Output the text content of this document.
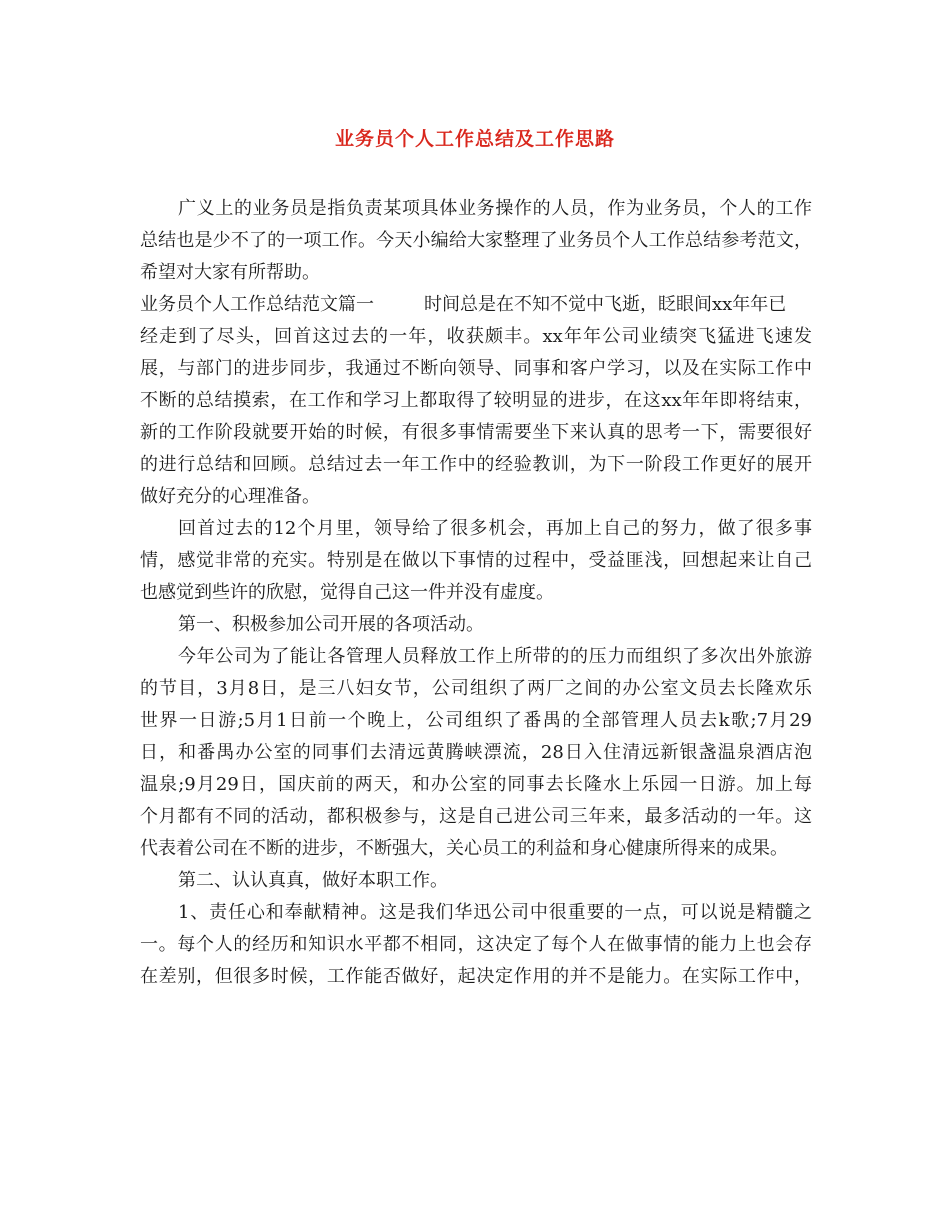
业务员个人工作总结及工作思路
广义上的业务员是指负责某项具体业务操作的人员，作为业务员，个人的工作
总结也是少不了的一项工作。今天小编给大家整理了业务员个人工作总结参考范文，
希望对大家有所帮助。
业务员个人工作总结范文篇一	时间总是在不知不觉中飞逝，眨眼间xx年年已
经走到了尽头，回首这过去的一年，收获颇丰。xx年年公司业绩突飞猛进飞速发
展，与部门的进步同步，我通过不断向领导、同事和客户学习，以及在实际工作中
不断的总结摸索，在工作和学习上都取得了较明显的进步，在这xx年年即将结束，
新的工作阶段就要开始的时候，有很多事情需要坐下来认真的思考一下，需要很好
的进行总结和回顾。总结过去一年工作中的经验教训，为下一阶段工作更好的展开
做好充分的心理准备。
回首过去的12个月里，领导给了很多机会，再加上自己的努力，做了很多事
情，感觉非常的充实。特别是在做以下事情的过程中，受益匪浅，回想起来让自己
也感觉到些许的欣慰，觉得自己这一件并没有虚度。
第一、积极参加公司开展的各项活动。
今年公司为了能让各管理人员释放工作上所带的的压力而组织了多次出外旅游
的节目，3月8日，是三八妇女节，公司组织了两厂之间的办公室文员去长隆欢乐
世界一日游;5月1日前一个晚上，公司组织了番禺的全部管理人员去k歌;7月29
日，和番禺办公室的同事们去清远黄腾峡漂流，28日入住清远新银盏温泉酒店泡
温泉;9月29日，国庆前的两天，和办公室的同事去长隆水上乐园一日游。加上每
个月都有不同的活动，都积极参与，这是自己进公司三年来，最多活动的一年。这
代表着公司在不断的进步，不断强大，关心员工的利益和身心健康所得来的成果。
第二、认认真真，做好本职工作。
1、责任心和奉献精神。这是我们华迅公司中很重要的一点，可以说是精髓之
一。每个人的经历和知识水平都不相同，这决定了每个人在做事情的能力上也会存
在差别，但很多时候，工作能否做好，起决定作用的并不是能力。在实际工作中，
